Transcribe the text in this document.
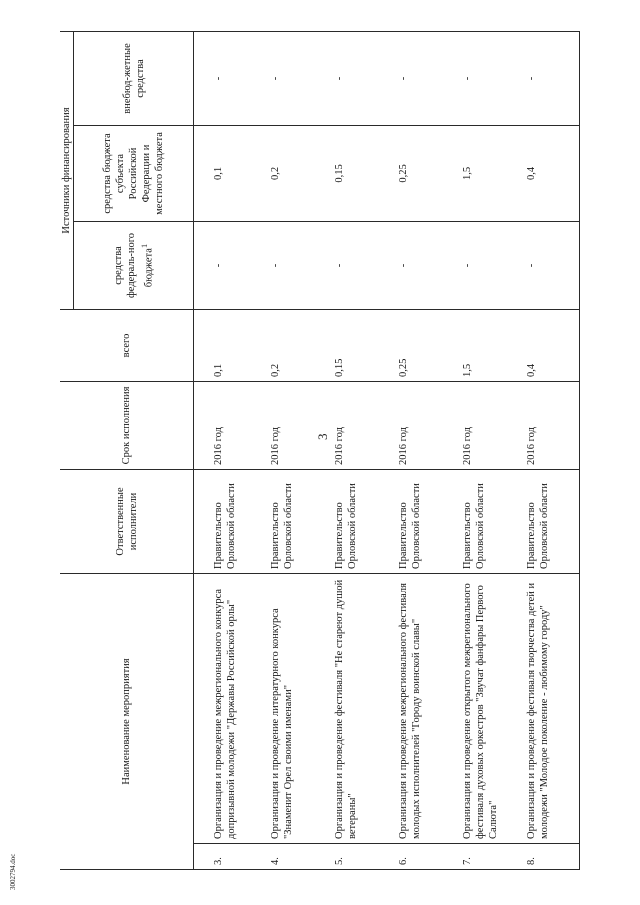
3
3002794.doc
Наименование мероприятия		Ответственные исполнители	Срок исполнения	всего	Источники финансирования		
					средства федераль-ного бюджета$^1$	средства бюджета субъекта Российской Федерации и местного бюджета	внебюд-жетные средства

3.	Организация и проведение межрегионального конкурса допризывной молодежи "Державы Российской орлы"	Правительство Орловской области	2016 год	0,1	-	0,1	-
4.	Организация и проведение литературного конкурса "Знаменит Орел своими именами"	Правительство Орловской области	2016 год	0,2	-	0,2	-
5.	Организация и проведение фестиваля "Не стареют душой ветераны"	Правительство Орловской области	2016 год	0,15	-	0,15	-
6.	Организация и проведение межрегионального фестиваля молодых исполнителей "Городу воинской славы"	Правительство Орловской области	2016 год	0,25	-	0,25	-
7.	Организация и проведение открытого межрегионального фестиваля духовых оркестров "Звучат фанфары Первого Салюта"	Правительство Орловской области	2016 год	1,5	-	1,5	-
8.	Организация и проведение фестиваля творчества детей и молодежи "Молодое поколение - любимому городу"	Правительство Орловской области	2016 год	0,4	-	0,4	-
